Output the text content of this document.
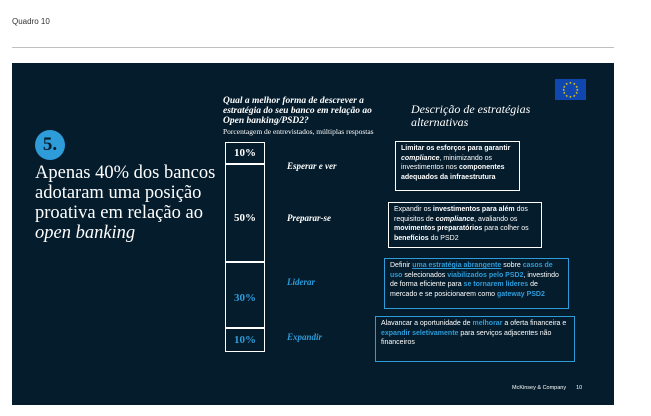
Quadro 10
★ ★
★
★
★
★
★
★
★
★
★
★
5.
Apenas 40% dos bancos adotaram uma posição proativa em relação ao open banking
Qual a melhor forma de descrever a estratégia do seu banco em relação ao Open banking/PSD2?
Porcentagem de entrevistados, múltiplas respostas
Descrição de estratégias alternativas
10%
50%
30%
10%
Esperar e ver
Preparar-se
Liderar
Expandir
Limitar os esforços para garantir compliance, minimizando os investimentos nos componentes adequados da infraestrutura
Expandir os investimentos para além dos requisitos de compliance, avaliando os movimentos preparatórios para colher os benefícios do PSD2
Definir uma estratégia abrangente sobre casos de uso selecionados viabilizados pelo PSD2, investindo de forma eficiente para se tornarem líderes de mercado e se posicionarem como gateway PSD2
Alavancar a oportunidade de melhorar a oferta financeira e expandir seletivamente para serviços adjacentes não financeiros
McKinsey & Company 10
